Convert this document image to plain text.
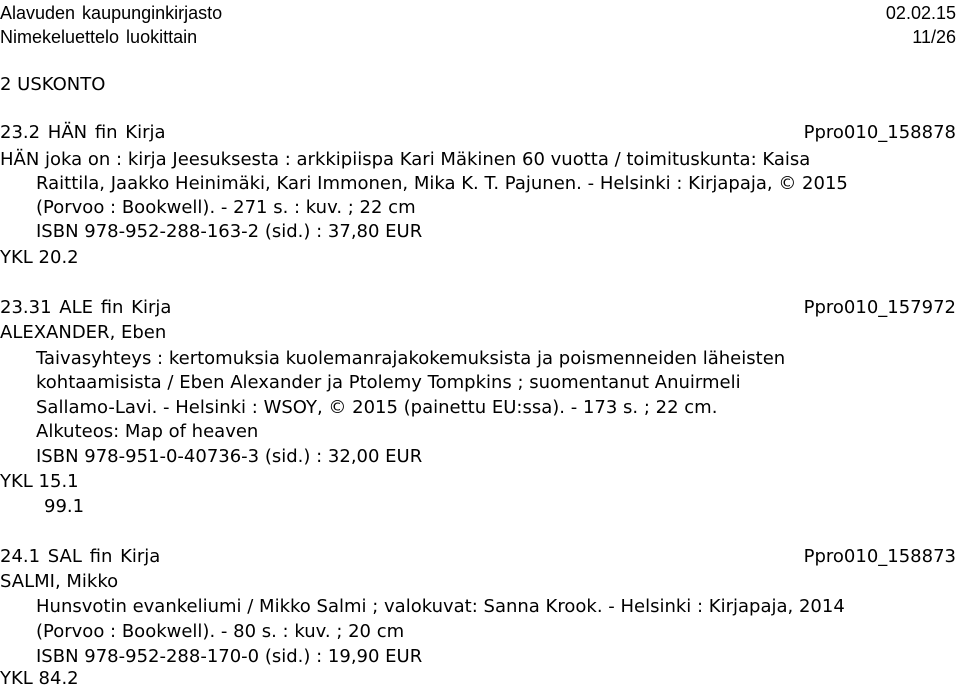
Alavuden kaupunginkirjasto	02.02.15
Nimekeluettelo luokittain	11/26
2 USKONTO
23.2 HÄN fin Kirja	Ppro010_158878
HÄN joka on : kirja Jeesuksesta : arkkipiispa Kari Mäkinen 60 vuotta / toimituskunta: Kaisa
Raittila, Jaakko Heinimäki, Kari Immonen, Mika K. T. Pajunen. - Helsinki : Kirjapaja, © 2015
(Porvoo : Bookwell). - 271 s. : kuv. ; 22 cm
ISBN 978-952-288-163-2 (sid.) : 37,80 EUR
YKL 20.2
23.31 ALE fin Kirja	Ppro010_157972
ALEXANDER, Eben
Taivasyhteys : kertomuksia kuolemanrajakokemuksista ja poismenneiden läheisten
kohtaamisista / Eben Alexander ja Ptolemy Tompkins ; suomentanut Anuirmeli
Sallamo-Lavi. - Helsinki : WSOY, © 2015 (painettu EU:ssa). - 173 s. ; 22 cm.
Alkuteos: Map of heaven
ISBN 978-951-0-40736-3 (sid.) : 32,00 EUR
YKL 15.1
99.1
24.1 SAL fin Kirja	Ppro010_158873
SALMI, Mikko
Hunsvotin evankeliumi / Mikko Salmi ; valokuvat: Sanna Krook. - Helsinki : Kirjapaja, 2014
(Porvoo : Bookwell). - 80 s. : kuv. ; 20 cm
ISBN 978-952-288-170-0 (sid.) : 19,90 EUR
YKL 84.2
